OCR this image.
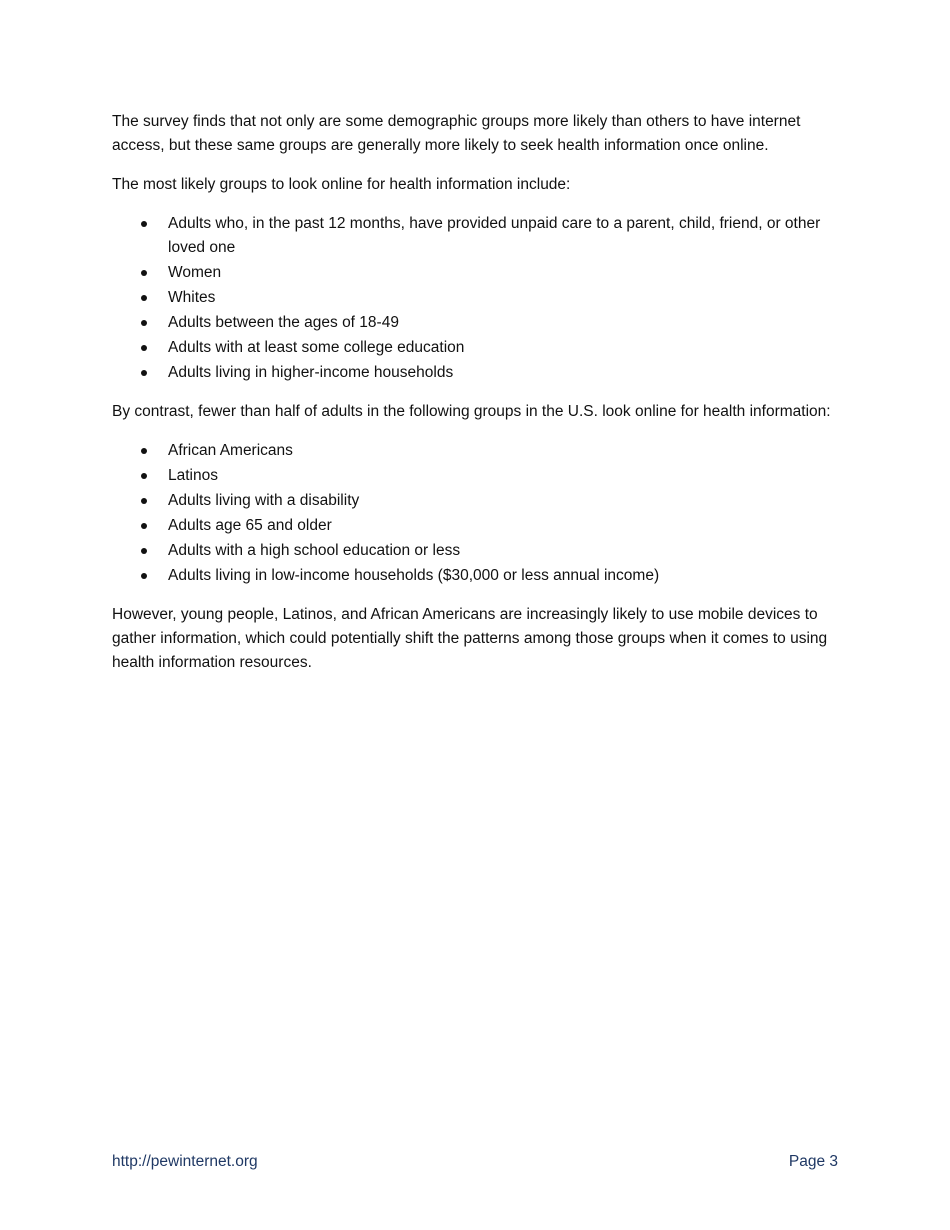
The survey finds that not only are some demographic groups more likely than others to have internet access, but these same groups are generally more likely to seek health information once online.

The most likely groups to look online for health information include:

Adults who, in the past 12 months, have provided unpaid care to a parent, child, friend, or other loved one
Women
Whites
Adults between the ages of 18-49
Adults with at least some college education
Adults living in higher-income households

By contrast, fewer than half of adults in the following groups in the U.S. look online for health information:

African Americans
Latinos
Adults living with a disability
Adults age 65 and older
Adults with a high school education or less
Adults living in low-income households ($30,000 or less annual income)

However, young people, Latinos, and African Americans are increasingly likely to use mobile devices to gather information, which could potentially shift the patterns among those groups when it comes to using health information resources.

http://pewinternet.org	Page 3
